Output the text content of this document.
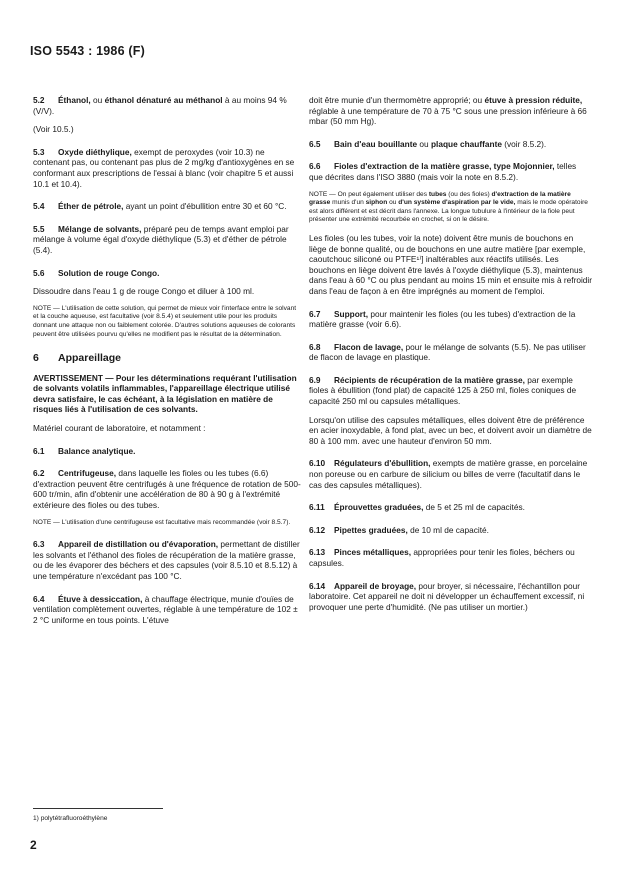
ISO 5543 : 1986 (F)

5.2 Éthanol, ou éthanol dénaturé au méthanol à au moins 94 % (V/V).

(Voir 10.5.)

5.3 Oxyde diéthylique, exempt de peroxydes (voir 10.3) ne contenant pas, ou contenant pas plus de 2 mg/kg d'antioxygènes en se conformant aux prescriptions de l'essai à blanc (voir chapitre 5 et aussi 10.1 et 10.4).

5.4 Éther de pétrole, ayant un point d'ébullition entre 30 et 60 °C.

5.5 Mélange de solvants, préparé peu de temps avant emploi par mélange à volume égal d'oxyde diéthylique (5.3) et d'éther de pétrole (5.4).

5.6 Solution de rouge Congo.

Dissoudre dans l'eau 1 g de rouge Congo et diluer à 100 ml.

NOTE — L'utilisation de cette solution, qui permet de mieux voir l'interface entre le solvant et la couche aqueuse, est facultative (voir 8.5.4) et seulement utile pour les produits donnant une attaque non ou faiblement colorée. D'autres solutions aqueuses de colorants peuvent être utilisées pourvu qu'elles ne modifient pas le résultat de la détermination.

6 Appareillage

AVERTISSEMENT — Pour les déterminations requérant l'utilisation de solvants volatils inflammables, l'appareillage électrique utilisé devra satisfaire, le cas échéant, à la législation en matière de risques liés à l'utilisation de ces solvants.

Matériel courant de laboratoire, et notamment :

6.1 Balance analytique.

6.2 Centrifugeuse, dans laquelle les fioles ou les tubes (6.6) d'extraction peuvent être centrifugés à une fréquence de rotation de 500-600 tr/min, afin d'obtenir une accélération de 80 à 90 g à l'extrémité extérieure des fioles ou des tubes.

NOTE — L'utilisation d'une centrifugeuse est facultative mais recommandée (voir 8.5.7).

6.3 Appareil de distillation ou d'évaporation, permettant de distiller les solvants et l'éthanol des fioles de récupération de la matière grasse, ou de les évaporer des béchers et des capsules (voir 8.5.10 et 8.5.12) à une température n'excédant pas 100 °C.

6.4 Étuve à dessiccation, à chauffage électrique, munie d'ouïes de ventilation complètement ouvertes, réglable à une température de 102 ± 2 °C uniforme en tous points. L'étuve

doit être munie d'un thermomètre approprié; ou étuve à pression réduite, réglable à une température de 70 à 75 °C sous une pression inférieure à 66 mbar (50 mm Hg).

6.5 Bain d'eau bouillante ou plaque chauffante (voir 8.5.2).

6.6 Fioles d'extraction de la matière grasse, type Mojonnier, telles que décrites dans l'ISO 3880 (mais voir la note en 8.5.2).

NOTE — On peut également utiliser des tubes (ou des fioles) d'extraction de la matière grasse munis d'un siphon ou d'un système d'aspiration par le vide, mais le mode opératoire est alors différent et est décrit dans l'annexe. La longue tubulure à l'intérieur de la fiole peut présenter une extrémité recourbée en crochet, si on le désire.

Les fioles (ou les tubes, voir la note) doivent être munis de bouchons en liège de bonne qualité, ou de bouchons en une autre matière [par exemple, caoutchouc siliconé ou PTFE¹⁾] inaltérables aux réactifs utilisés. Les bouchons en liège doivent être lavés à l'oxyde diéthylique (5.3), maintenus dans l'eau à 60 °C ou plus pendant au moins 15 min et ensuite mis à refroidir dans l'eau de façon à en être imprégnés au moment de l'emploi.

6.7 Support, pour maintenir les fioles (ou les tubes) d'extraction de la matière grasse (voir 6.6).

6.8 Flacon de lavage, pour le mélange de solvants (5.5). Ne pas utiliser de flacon de lavage en plastique.

6.9 Récipients de récupération de la matière grasse, par exemple fioles à ébullition (fond plat) de capacité 125 à 250 ml, fioles coniques de capacité 250 ml ou capsules métalliques.

Lorsqu'on utilise des capsules métalliques, elles doivent être de préférence en acier inoxydable, à fond plat, avec un bec, et doivent avoir un diamètre de 80 à 100 mm. avec une hauteur d'environ 50 mm.

6.10 Régulateurs d'ébullition, exempts de matière grasse, en porcelaine non poreuse ou en carbure de silicium ou billes de verre (facultatif dans le cas des capsules métalliques).

6.11 Éprouvettes graduées, de 5 et 25 ml de capacités.

6.12 Pipettes graduées, de 10 ml de capacité.

6.13 Pinces métalliques, appropriées pour tenir les fioles, béchers ou capsules.

6.14 Appareil de broyage, pour broyer, si nécessaire, l'échantillon pour laboratoire. Cet appareil ne doit ni développer un échauffement excessif, ni provoquer une perte d'humidité. (Ne pas utiliser un mortier.)

1) polytétrafluoroéthylène
2
